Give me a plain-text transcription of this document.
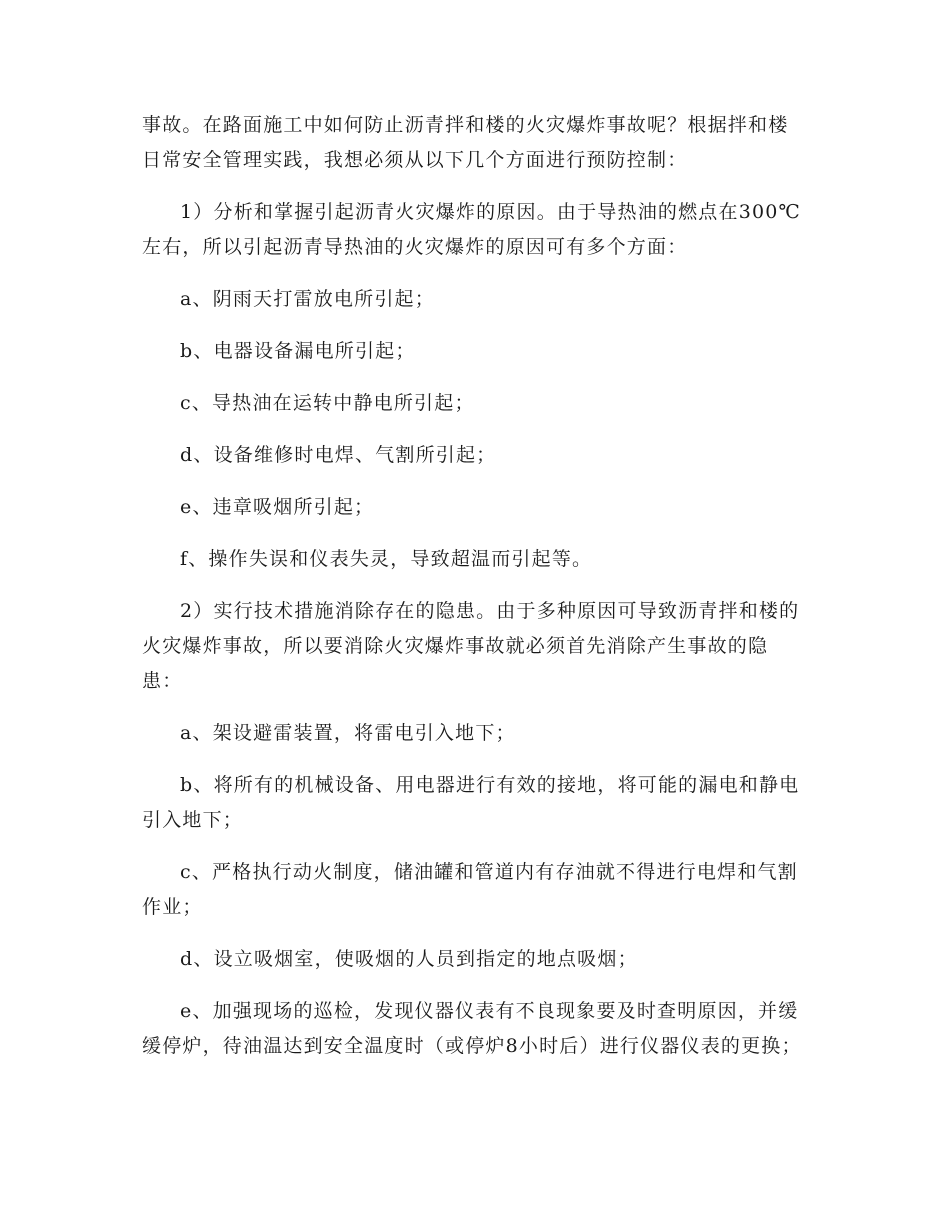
事故。在路面施工中如何防止沥青拌和楼的火灾爆炸事故呢？根据拌和楼日常安全管理实践，我想必须从以下几个方面进行预防控制：

1）分析和掌握引起沥青火灾爆炸的原因。由于导热油的燃点在300℃左右，所以引起沥青导热油的火灾爆炸的原因可有多个方面：

a、阴雨天打雷放电所引起；

b、电器设备漏电所引起；

c、导热油在运转中静电所引起；

d、设备维修时电焊、气割所引起；

e、违章吸烟所引起；

f、操作失误和仪表失灵，导致超温而引起等。

2）实行技术措施消除存在的隐患。由于多种原因可导致沥青拌和楼的火灾爆炸事故，所以要消除火灾爆炸事故就必须首先消除产生事故的隐患：

a、架设避雷装置，将雷电引入地下；

b、将所有的机械设备、用电器进行有效的接地，将可能的漏电和静电引入地下；

c、严格执行动火制度，储油罐和管道内有存油就不得进行电焊和气割作业；

d、设立吸烟室，使吸烟的人员到指定的地点吸烟；

e、加强现场的巡检，发现仪器仪表有不良现象要及时查明原因，并缓缓停炉，待油温达到安全温度时（或停炉8小时后）进行仪器仪表的更换；
